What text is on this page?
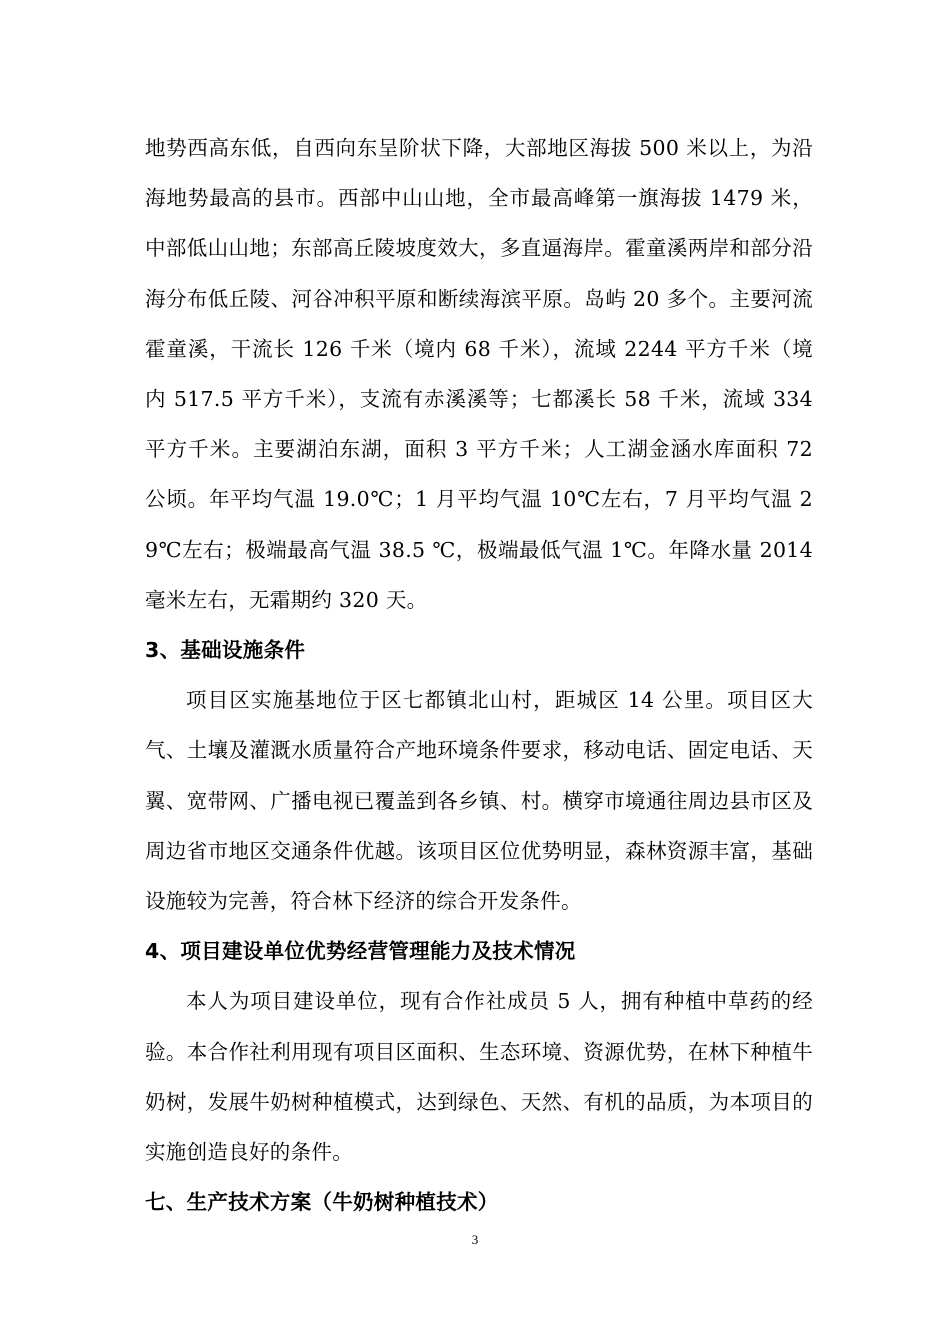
地势西高东低，自西向东呈阶状下降，大部地区海拔 500 米以上，为沿海地势最高的县市。西部中山山地，全市最高峰第一旗海拔 1479 米，中部低山山地；东部高丘陵坡度效大，多直逼海岸。霍童溪两岸和部分沿海分布低丘陵、河谷冲积平原和断续海滨平原。岛屿 20 多个。主要河流霍童溪，干流长 126 千米（境内 68 千米），流域 2244 平方千米（境内 517.5 平方千米），支流有赤溪溪等；七都溪长 58 千米，流域 334 平方千米。主要湖泊东湖，面积 3 平方千米；人工湖金涵水库面积 72 公顷。年平均气温 19.0℃；1 月平均气温 10℃左右，7 月平均气温 29℃左右；极端最高气温 38.5 ℃，极端最低气温 1℃。年降水量 2014 毫米左右，无霜期约 320 天。

3、基础设施条件

项目区实施基地位于区七都镇北山村，距城区 14 公里。项目区大气、土壤及灌溉水质量符合产地环境条件要求，移动电话、固定电话、天翼、宽带网、广播电视已覆盖到各乡镇、村。横穿市境通往周边县市区及周边省市地区交通条件优越。该项目区位优势明显，森林资源丰富，基础设施较为完善，符合林下经济的综合开发条件。

4、项目建设单位优势经营管理能力及技术情况

本人为项目建设单位，现有合作社成员 5 人，拥有种植中草药的经验。本合作社利用现有项目区面积、生态环境、资源优势，在林下种植牛奶树，发展牛奶树种植模式，达到绿色、天然、有机的品质，为本项目的实施创造良好的条件。

七、生产技术方案（牛奶树种植技术）

3
